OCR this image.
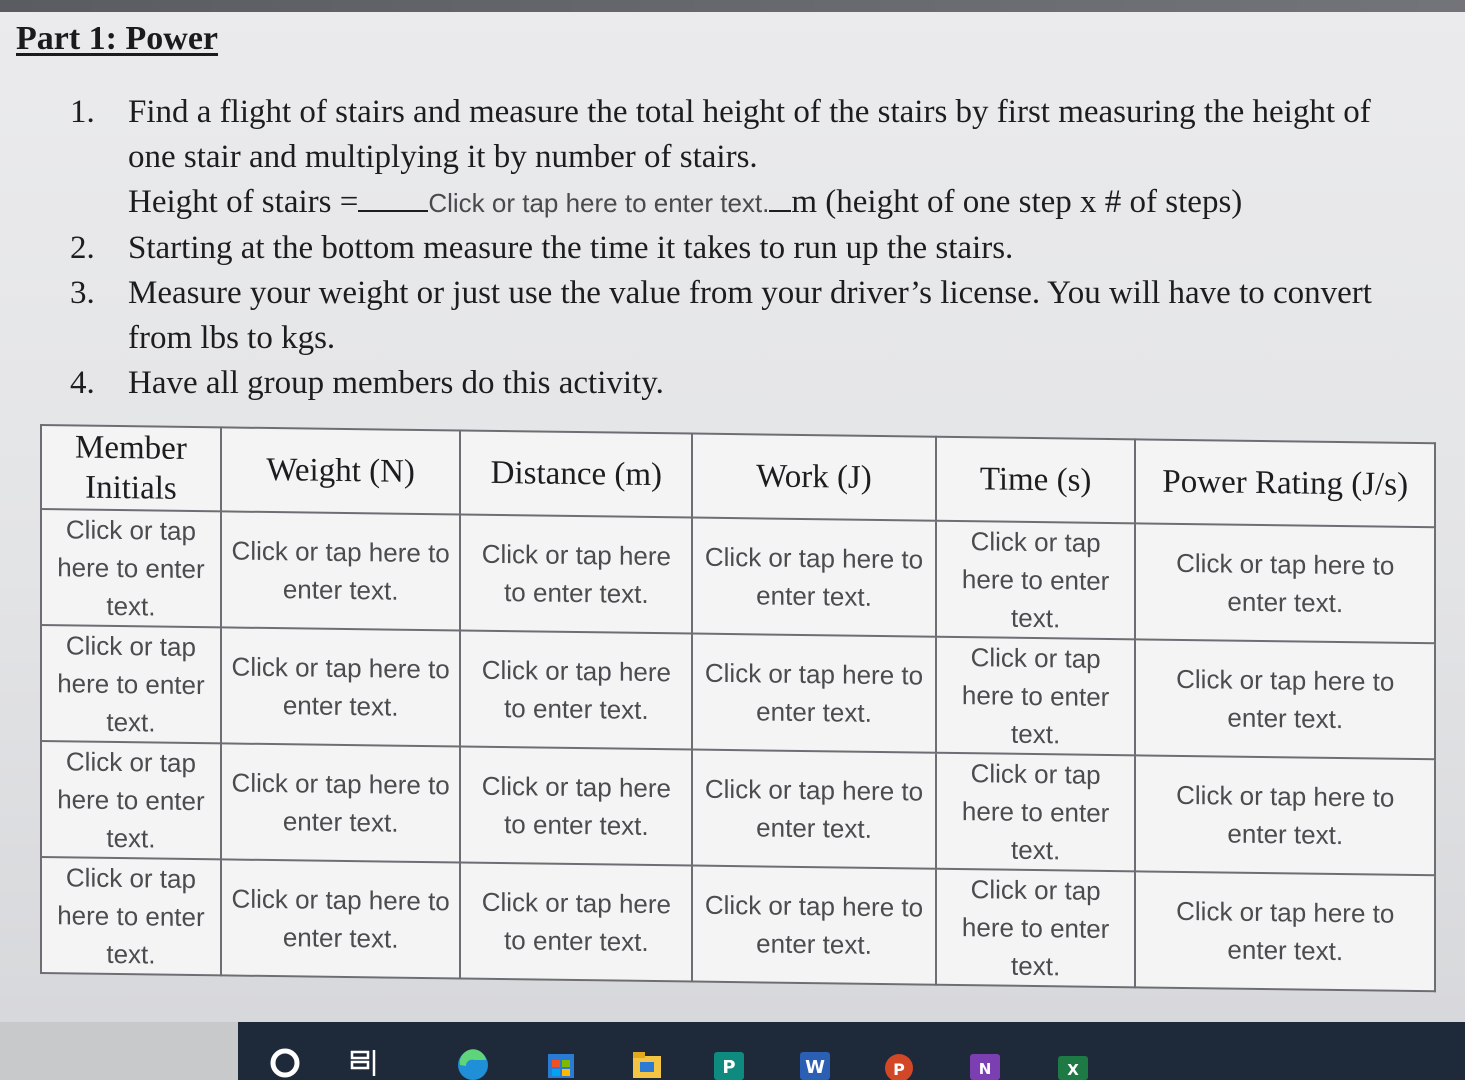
Part 1: Power
1. Find a flight of stairs and measure the total height of the stairs by first measuring the height of one stair and multiplying it by number of stairs.
Height of stairs =	Click or tap here to enter text. m (height of one step x # of steps)
2. Starting at the bottom measure the time it takes to run up the stairs.
3. Measure your weight or just use the value from your driver’s license. You will have to convert from lbs to kgs.
4. Have all group members do this activity.
Member Initials	Weight (N)	Distance (m)	Work (J)	Time (s)	Power Rating (J/s)
Click or tap here to enter text.	Click or tap here to enter text.	Click or tap here to enter text.	Click or tap here to enter text.	Click or tap here to enter text.	Click or tap here to enter text.
Click or tap here to enter text.	Click or tap here to enter text.	Click or tap here to enter text.	Click or tap here to enter text.	Click or tap here to enter text.	Click or tap here to enter text.
Click or tap here to enter text.	Click or tap here to enter text.	Click or tap here to enter text.	Click or tap here to enter text.	Click or tap here to enter text.	Click or tap here to enter text.
Click or tap here to enter text.	Click or tap here to enter text.	Click or tap here to enter text.	Click or tap here to enter text.	Click or tap here to enter text.	Click or tap here to enter text.
P	W	P	N	X
